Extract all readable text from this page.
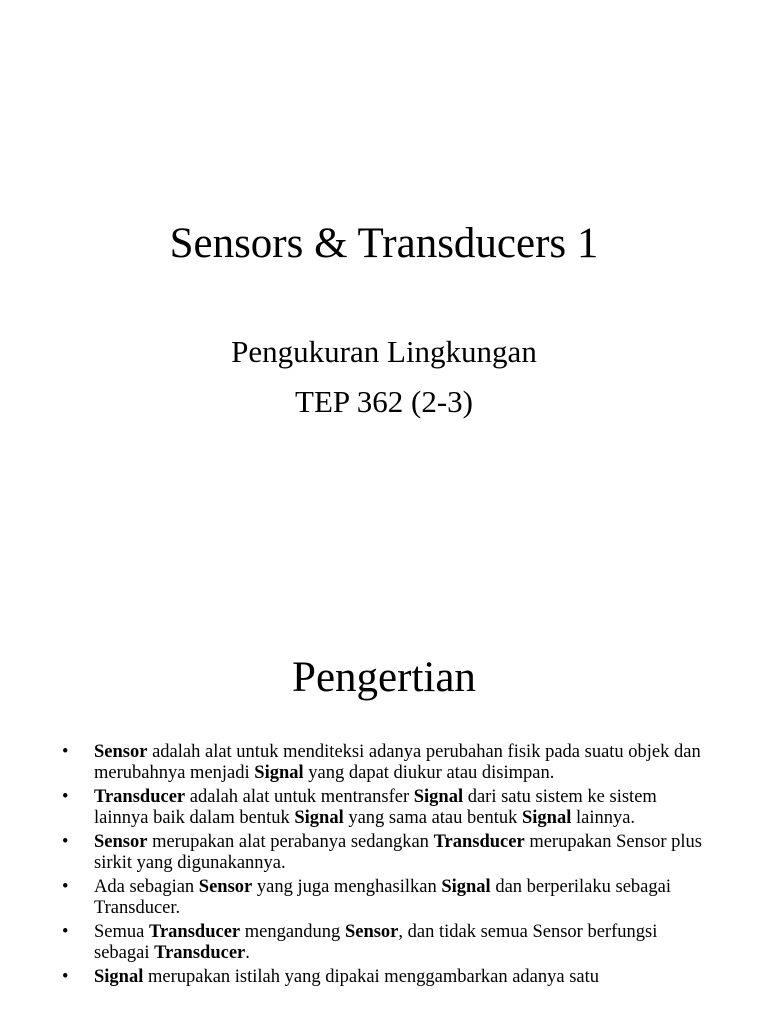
Sensors & Transducers 1

Pengukuran Lingkungan

TEP 362 (2-3)

Pengertian
•	Sensor adalah alat untuk menditeksi adanya perubahan fisik pada suatu objek dan merubahnya menjadi Signal yang dapat diukur atau disimpan.
•	Transducer adalah alat untuk mentransfer Signal dari satu sistem ke sistem lainnya baik dalam bentuk Signal yang sama atau bentuk Signal lainnya.
•	Sensor merupakan alat perabanya sedangkan Transducer merupakan Sensor plus sirkit yang digunakannya.
•	Ada sebagian Sensor yang juga menghasilkan Signal dan berperilaku sebagai Transducer.
•	Semua Transducer mengandung Sensor, dan tidak semua Sensor berfungsi sebagai Transducer.
•	Signal merupakan istilah yang dipakai menggambarkan adanya satu
